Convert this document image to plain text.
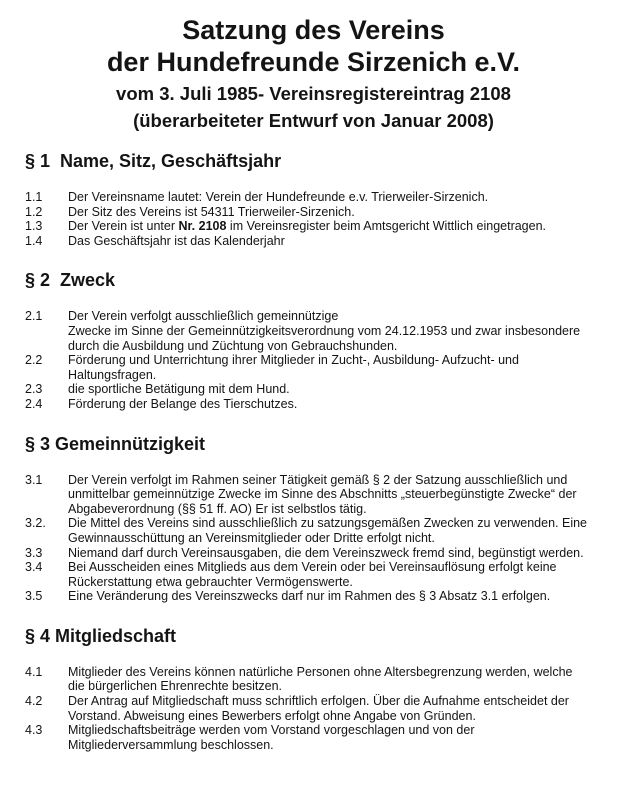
Satzung des Vereins
der Hundefreunde Sirzenich e.V.
vom 3. Juli 1985- Vereinsregistereintrag 2108
(überarbeiteter Entwurf von Januar 2008)
§ 1  Name, Sitz, Geschäftsjahr
1.1	Der Vereinsname lautet: Verein der Hundefreunde e.v. Trierweiler-Sirzenich.
1.2	Der Sitz des Vereins ist 54311 Trierweiler-Sirzenich.
1.3	Der Verein ist unter Nr. 2108 im Vereinsregister beim Amtsgericht Wittlich eingetragen.
1.4	Das Geschäftsjahr ist das Kalenderjahr
§ 2  Zweck
2.1	Der Verein verfolgt ausschließlich gemeinnützige
Zwecke im Sinne der Gemeinnützigkeitsverordnung vom 24.12.1953 und zwar insbesondere
durch die Ausbildung und Züchtung von Gebrauchshunden.
2.2	Förderung und Unterrichtung ihrer Mitglieder in Zucht-, Ausbildung- Aufzucht- und
Haltungsfragen.
2.3	die sportliche Betätigung mit dem Hund.
2.4	Förderung der Belange des Tierschutzes.
§ 3 Gemeinnützigkeit
3.1	Der Verein verfolgt im Rahmen seiner Tätigkeit gemäß § 2 der Satzung ausschließlich und
unmittelbar gemeinnützige Zwecke im Sinne des Abschnitts „steuerbegünstigte Zwecke“ der
Abgabeverordnung (§§ 51 ff. AO) Er ist selbstlos tätig.
3.2.	Die Mittel des Vereins sind ausschließlich zu satzungsgemäßen Zwecken zu verwenden. Eine
Gewinnausschüttung an Vereinsmitglieder oder Dritte erfolgt nicht.
3.3	Niemand darf durch Vereinsausgaben, die dem Vereinszweck fremd sind, begünstigt werden.
3.4	Bei Ausscheiden eines Mitglieds aus dem Verein oder bei Vereinsauflösung erfolgt keine
Rückerstattung etwa gebrauchter Vermögenswerte.
3.5	Eine Veränderung des Vereinszwecks darf nur im Rahmen des § 3 Absatz 3.1 erfolgen.
§ 4 Mitgliedschaft
4.1	Mitglieder des Vereins können natürliche Personen ohne Altersbegrenzung werden, welche
die bürgerlichen Ehrenrechte besitzen.
4.2	Der Antrag auf Mitgliedschaft muss schriftlich erfolgen. Über die Aufnahme entscheidet der
Vorstand. Abweisung eines Bewerbers erfolgt ohne Angabe von Gründen.
4.3	Mitgliedschaftsbeiträge werden vom Vorstand vorgeschlagen und von der
Mitgliederversammlung beschlossen.
